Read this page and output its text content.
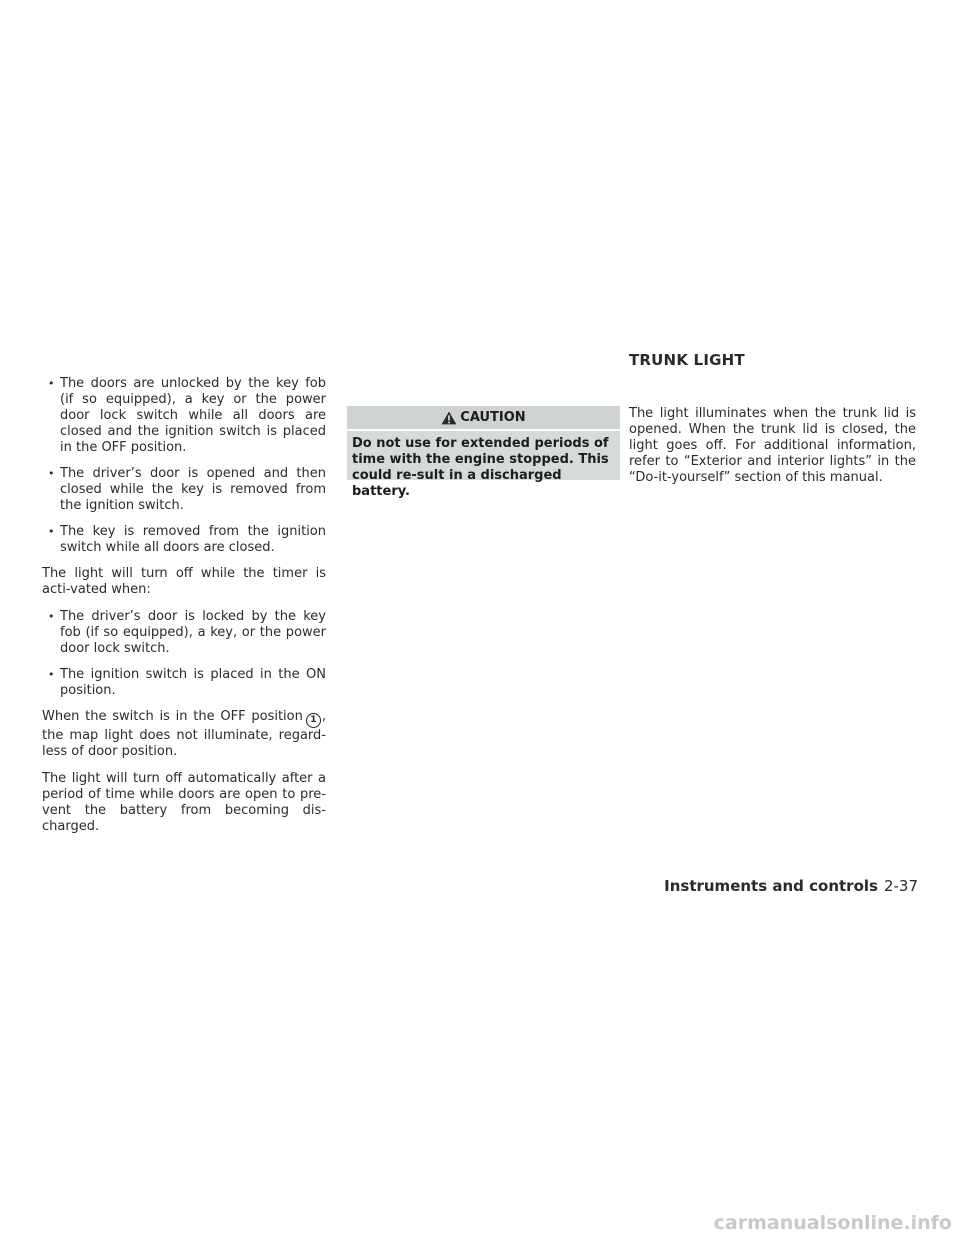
• The doors are unlocked by the key fob (if so equipped), a key or the power door lock switch while all doors are closed and the ignition switch is placed in the OFF position.
• The driver’s door is opened and then closed while the key is removed from the ignition switch.
• The key is removed from the ignition switch while all doors are closed.

The light will turn off while the timer is acti-vated when:

• The driver’s door is locked by the key fob (if so equipped), a key, or the power door lock switch.
• The ignition switch is placed in the ON position.

When the switch is in the OFF position 1 , the map light does not illuminate, regard-less of door position.

The light will turn off automatically after a period of time while doors are open to pre-vent the battery from becoming dis-charged.

CAUTION
Do not use for extended periods of time with the engine stopped. This could re-sult in a discharged battery.
TRUNK LIGHT

The light illuminates when the trunk lid is opened. When the trunk lid is closed, the light goes off. For additional information, refer to “Exterior and interior lights” in the “Do-it-yourself” section of this manual.

Instruments and controls 2-37
carmanualsonline.info
